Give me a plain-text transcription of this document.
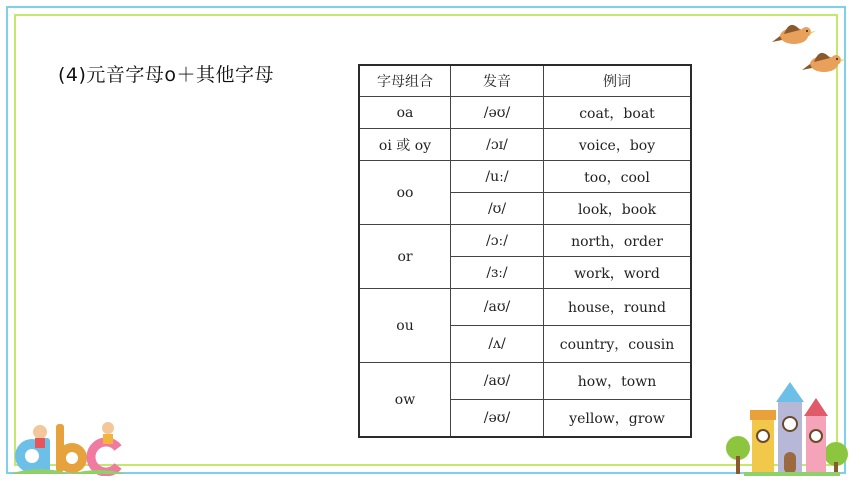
(4)元音字母o＋其他字母	字母组合	发音	例词
oa	/əʊ/	coat，boat
oi 或 oy	/ɔɪ/	voice，boy
oo	/uː/	too，cool
	/ʊ/	look，book
or	/ɔː/	north，order
	/ɜː/	work，word
ou	/aʊ/	house，round
	/ʌ/	country，cousin
ow	/aʊ/	how，town
	/əʊ/	yellow，grow
